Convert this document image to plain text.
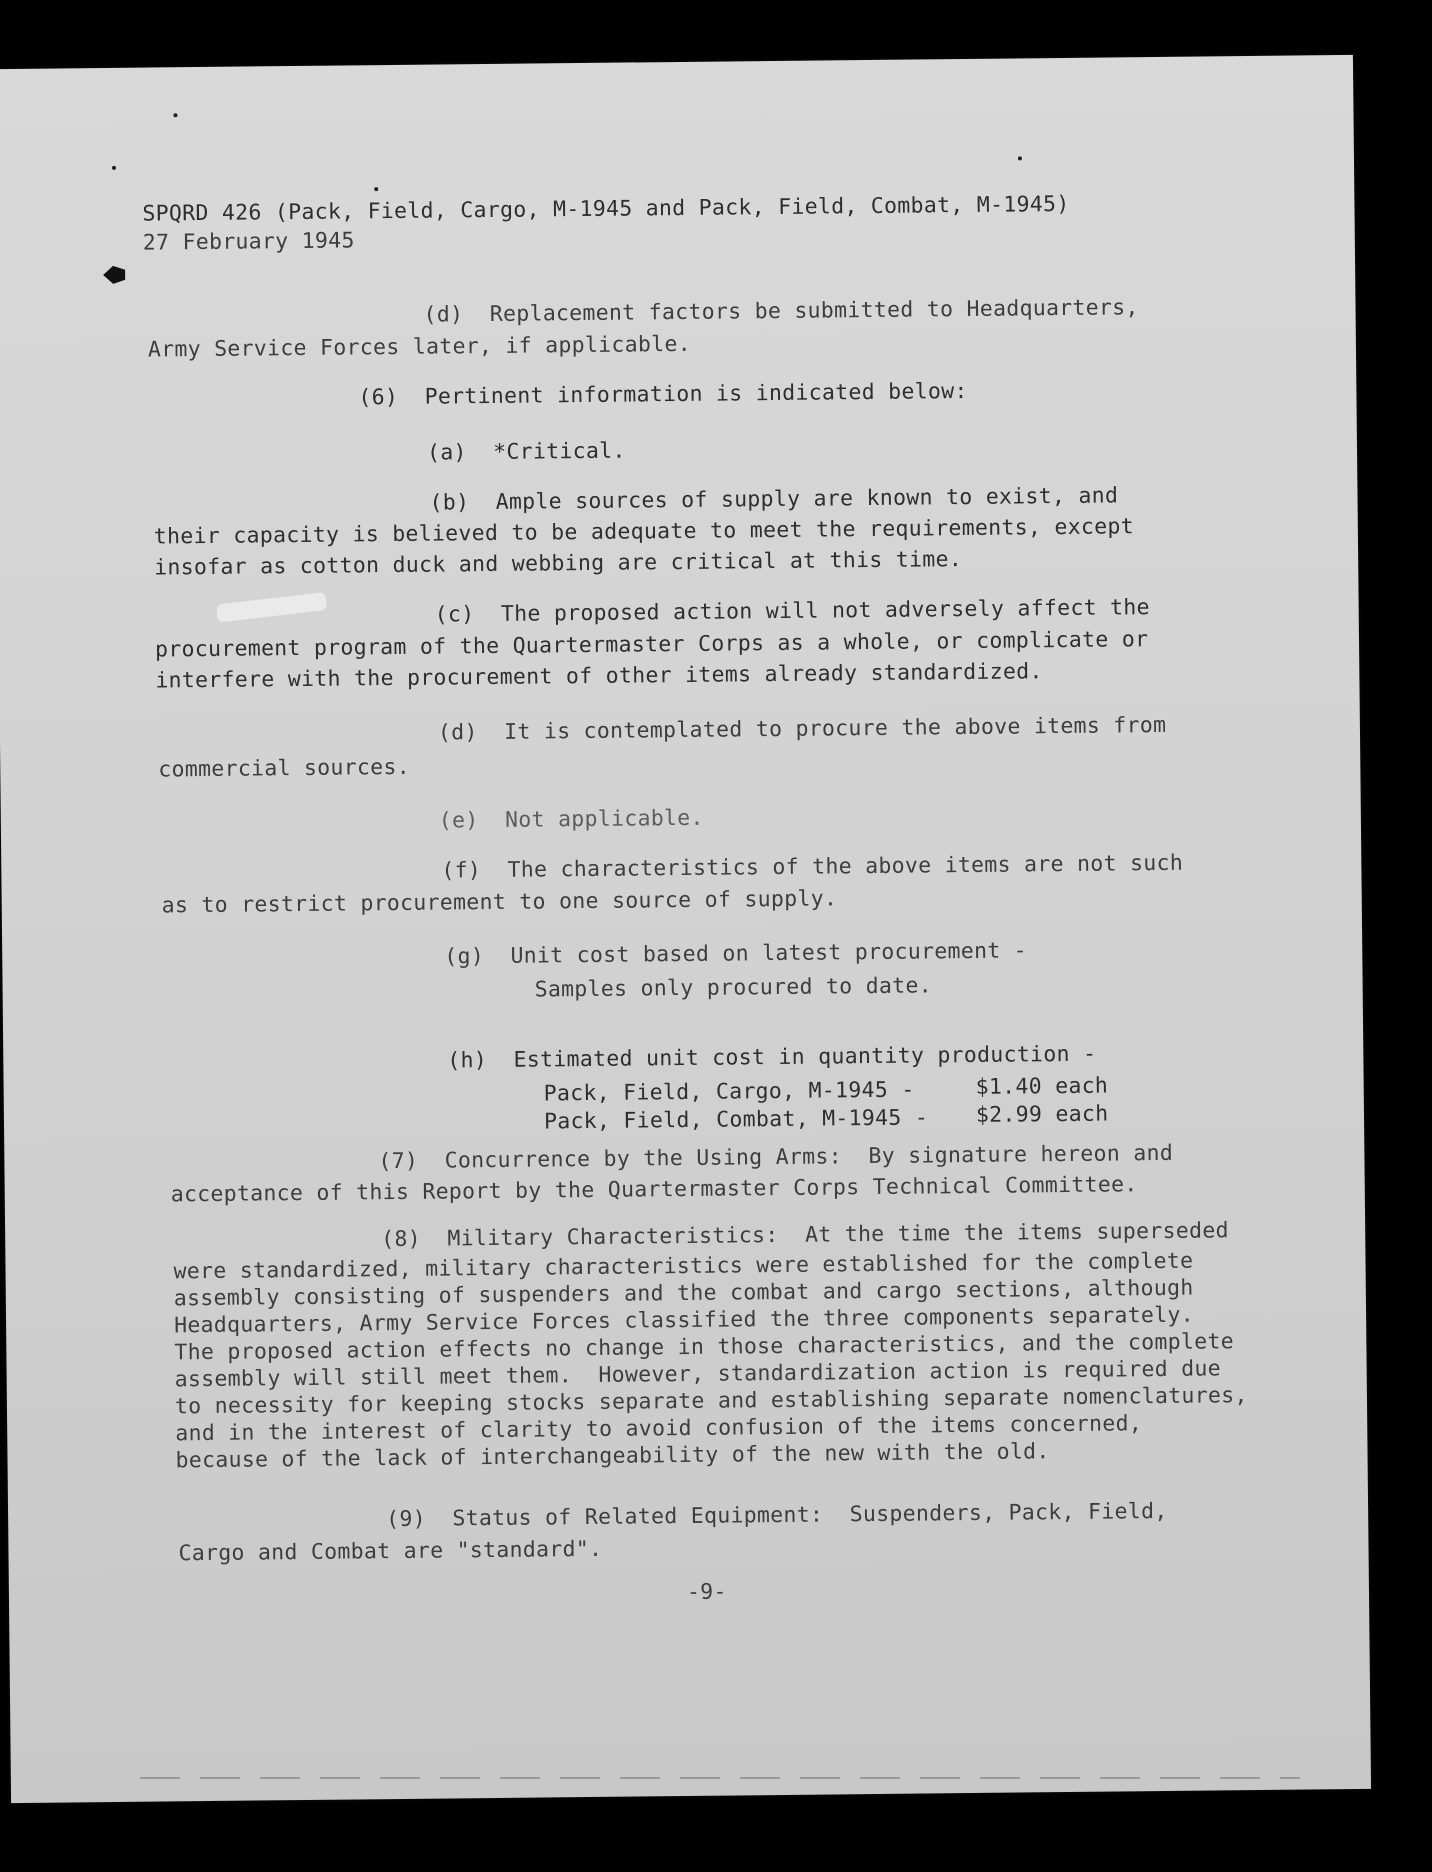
SPQRD 426 (Pack, Field, Cargo, M-1945 and Pack, Field, Combat, M-1945)
27 February 1945
(d)  Replacement factors be submitted to Headquarters,
Army Service Forces later, if applicable.
(6)  Pertinent information is indicated below:
(a)  *Critical.
(b)  Ample sources of supply are known to exist, and
their capacity is believed to be adequate to meet the requirements, except
insofar as cotton duck and webbing are critical at this time.
(c)  The proposed action will not adversely affect the
procurement program of the Quartermaster Corps as a whole, or complicate or
interfere with the procurement of other items already standardized.
(d)  It is contemplated to procure the above items from
commercial sources.
(e)  Not applicable.
(f)  The characteristics of the above items are not such
as to restrict procurement to one source of supply.
(g)  Unit cost based on latest procurement -
Samples only procured to date.
(h)  Estimated unit cost in quantity production -
Pack, Field, Cargo, M-1945 -	$1.40 each
Pack, Field, Combat, M-1945 - $2.99 each
(7)  Concurrence by the Using Arms:  By signature hereon and
acceptance of this Report by the Quartermaster Corps Technical Committee.
(8)  Military Characteristics:  At the time the items superseded
were standardized, military characteristics were established for the complete
assembly consisting of suspenders and the combat and cargo sections, although
Headquarters, Army Service Forces classified the three components separately.
The proposed action effects no change in those characteristics, and the complete
assembly will still meet them.  However, standardization action is required due
to necessity for keeping stocks separate and establishing separate nomenclatures,
and in the interest of clarity to avoid confusion of the items concerned,
because of the lack of interchangeability of the new with the old.
(9)  Status of Related Equipment:  Suspenders, Pack, Field,
Cargo and Combat are "standard".
-9-
